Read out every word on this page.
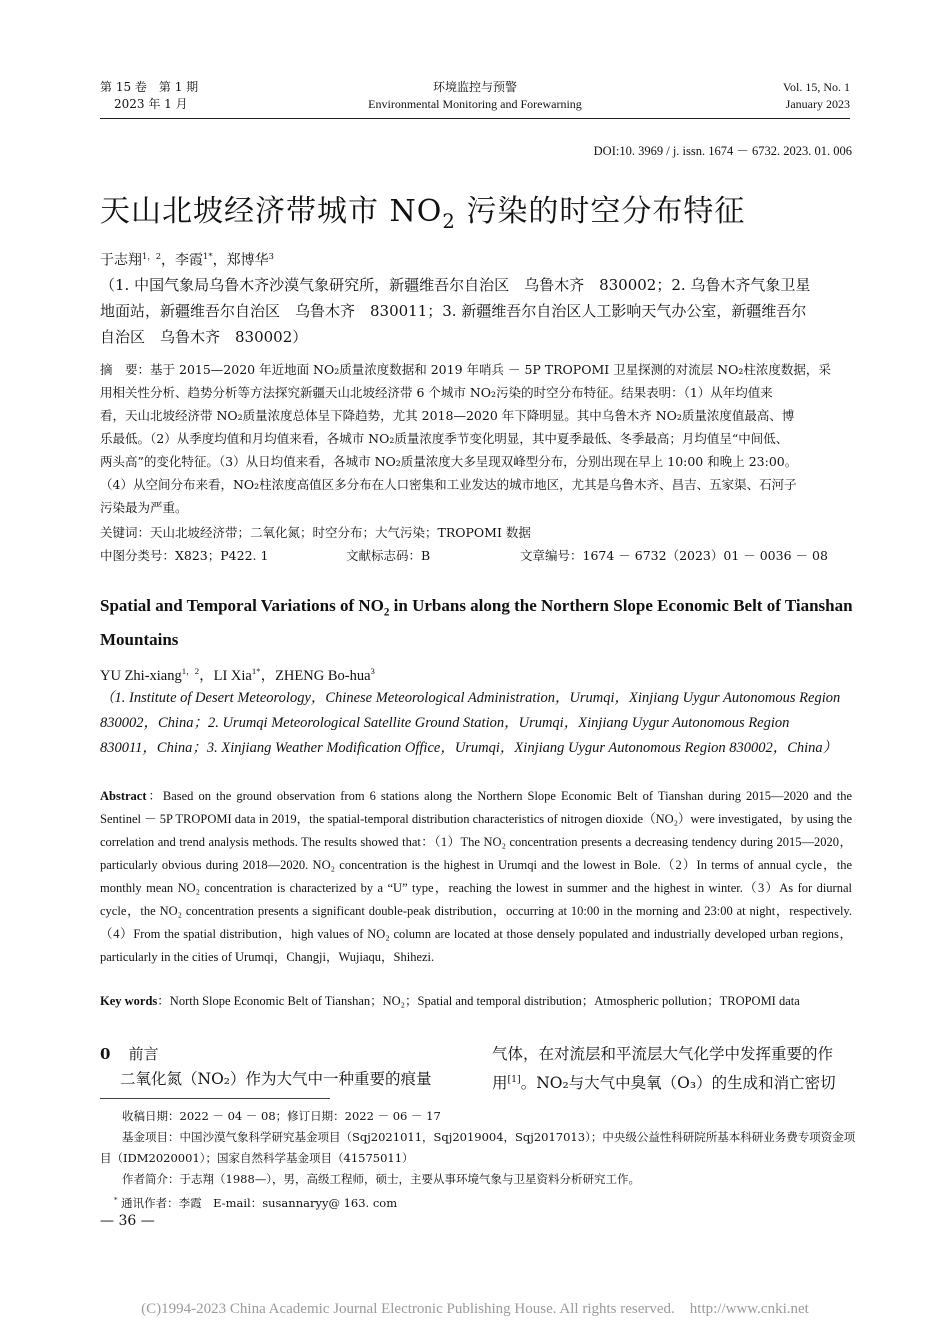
第 15 卷　第 1 期
2023 年 1 月
环境监控与预警
Environmental Monitoring and Forewarning
Vol. 15, No. 1
January 2023
DOI:10. 3969 / j. issn. 1674 － 6732. 2023. 01. 006
天山北坡经济带城市 $NO_2$ 污染的时空分布特征
于志翔$^{1,2}$，李霞$^{1*}$，郑博华$^3$
（1. 中国气象局乌鲁木齐沙漠气象研究所，新疆维吾尔自治区　乌鲁木齐　830002；2. 乌鲁木齐气象卫星
地面站，新疆维吾尔自治区　乌鲁木齐　830011；3. 新疆维吾尔自治区人工影响天气办公室，新疆维吾尔
自治区　乌鲁木齐　830002）
摘　要：基于 2015—2020 年近地面 NO₂质量浓度数据和 2019 年哨兵 － 5P TROPOMI 卫星探测的对流层 NO₂柱浓度数据，采
用相关性分析、趋势分析等方法探究新疆天山北坡经济带 6 个城市 NO₂污染的时空分布特征。结果表明：（1）从年均值来
看，天山北坡经济带 NO₂质量浓度总体呈下降趋势，尤其 2018—2020 年下降明显。其中乌鲁木齐 NO₂质量浓度值最高、博
乐最低。（2）从季度均值和月均值来看，各城市 NO₂质量浓度季节变化明显，其中夏季最低、冬季最高；月均值呈“中间低、
两头高”的变化特征。（3）从日均值来看，各城市 NO₂质量浓度大多呈现双峰型分布，分别出现在早上 10:00 和晚上 23:00。
（4）从空间分布来看，NO₂柱浓度高值区多分布在人口密集和工业发达的城市地区，尤其是乌鲁木齐、昌吉、五家渠、石河子
污染最为严重。
关键词：天山北坡经济带；二氧化氮；时空分布；大气污染；TROPOMI 数据
中图分类号：X823；P422. 1	文献标志码：B	文章编号：1674 － 6732（2023）01 － 0036 － 08
Spatial and Temporal Variations of $NO_2$ in Urbans along the Northern Slope Economic Belt of Tianshan Mountains
YU Zhi-xiang$^{1,2}$，LI Xia$^{1*}$，ZHENG Bo-hua$^3$
（1. Institute of Desert Meteorology，Chinese Meteorological Administration，Urumqi，Xinjiang Uygur Autonomous Region
830002，China；2. Urumqi Meteorological Satellite Ground Station，Urumqi，Xinjiang Uygur Autonomous Region
830011，China；3. Xinjiang Weather Modification Office，Urumqi，Xinjiang Uygur Autonomous Region 830002，China）
Abstract：Based on the ground observation from 6 stations along the Northern Slope Economic Belt of Tianshan during 2015—2020 and the Sentinel － 5P TROPOMI data in 2019，the spatial-temporal distribution characteristics of nitrogen dioxide（NO₂）were investigated，by using the correlation and trend analysis methods. The results showed that：（1）The NO₂ concentration presents a decreasing tendency during 2015—2020，particularly obvious during 2018—2020. NO₂ concentration is the highest in Urumqi and the lowest in Bole.（2）In terms of annual cycle，the monthly mean NO₂ concentration is characterized by a “U” type，reaching the lowest in summer and the highest in winter.（3）As for diurnal cycle，the NO₂ concentration presents a significant double-peak distribution，occurring at 10:00 in the morning and 23:00 at night，respectively.（4）From the spatial distribution，high values of NO₂ column are located at those densely populated and industrially developed urban regions，particularly in the cities of Urumqi，Changji，Wujiaqu，Shihezi.
Key words：North Slope Economic Belt of Tianshan；NO₂；Spatial and temporal distribution；Atmospheric pollution；TROPOMI data
0 前言
二氧化氮（NO₂）作为大气中一种重要的痕量
气体，在对流层和平流层大气化学中发挥重要的作
用[1]。NO₂与大气中臭氧（O₃）的生成和消亡密切
收稿日期：2022 － 04 － 08；修订日期：2022 － 06 － 17
基金项目：中国沙漠气象科学研究基金项目（Sqj2021011，Sqj2019004，Sqj2017013）；中央级公益性科研院所基本科研业务费专项资金项
目（IDM2020001）；国家自然科学基金项目（41575011）
作者简介：于志翔（1988—），男，高级工程师，硕士，主要从事环境气象与卫星资料分析研究工作。
* 通讯作者：李霞　E-mail：susannaryy@ 163. com
— 36 —
(C)1994-2023 China Academic Journal Electronic Publishing House. All rights reserved.　http://www.cnki.net
